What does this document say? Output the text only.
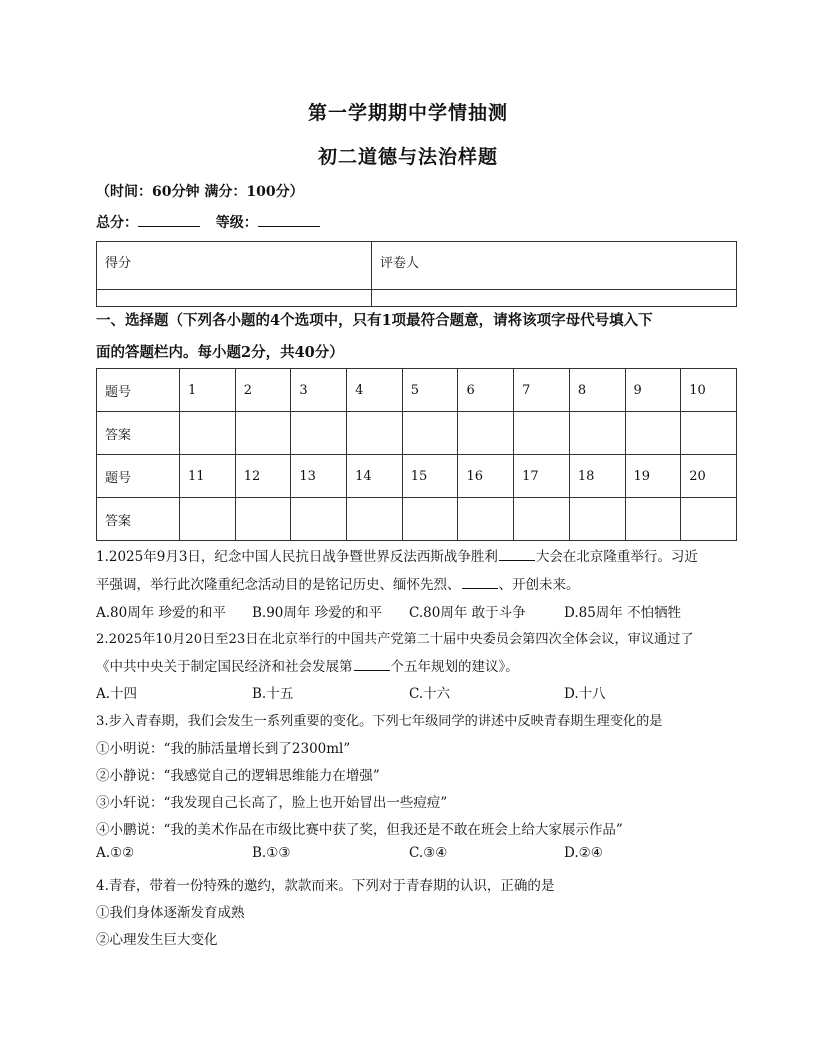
第一学期期中学情抽测
初二道德与法治样题
（时间：60分钟 满分：100分）
总分：	等级：
得分	评卷人

一、选择题（下列各小题的4个选项中，只有1项最符合题意，请将该项字母代号填入下
面的答题栏内。每小题2分，共40分）
题号	1	2	3	4	5	6	7	8	9	10
答案										
题号	11	12	13	14	15	16	17	18	19	20
答案										
1.2025年9月3日，纪念中国人民抗日战争暨世界反法西斯战争胜利	大会在北京隆重举行。习近
平强调，举行此次隆重纪念活动目的是铭记历史、缅怀先烈、	、开创未来。
A.80周年 珍爱的和平 B.90周年 珍爱的和平 C.80周年 敢于斗争	D.85周年 不怕牺牲
2.2025年10月20日至23日在北京举行的中国共产党第二十届中央委员会第四次全体会议，审议通过了
《中共中央关于制定国民经济和社会发展第	个五年规划的建议》。
A.十四	B.十五	C.十六	D.十八
3.步入青春期，我们会发生一系列重要的变化。下列七年级同学的讲述中反映青春期生理变化的是
①小明说：“我的肺活量增长到了2300ml”
②小静说：“我感觉自己的逻辑思维能力在增强”
③小轩说：“我发现自己长高了，脸上也开始冒出一些痘痘”
④小鹏说：“我的美术作品在市级比赛中获了奖，但我还是不敢在班会上给大家展示作品”
A.①②	B.①③	C.③④	D.②④
4.青春，带着一份特殊的邀约，款款而来。下列对于青春期的认识，正确的是
①我们身体逐渐发育成熟
②心理发生巨大变化
